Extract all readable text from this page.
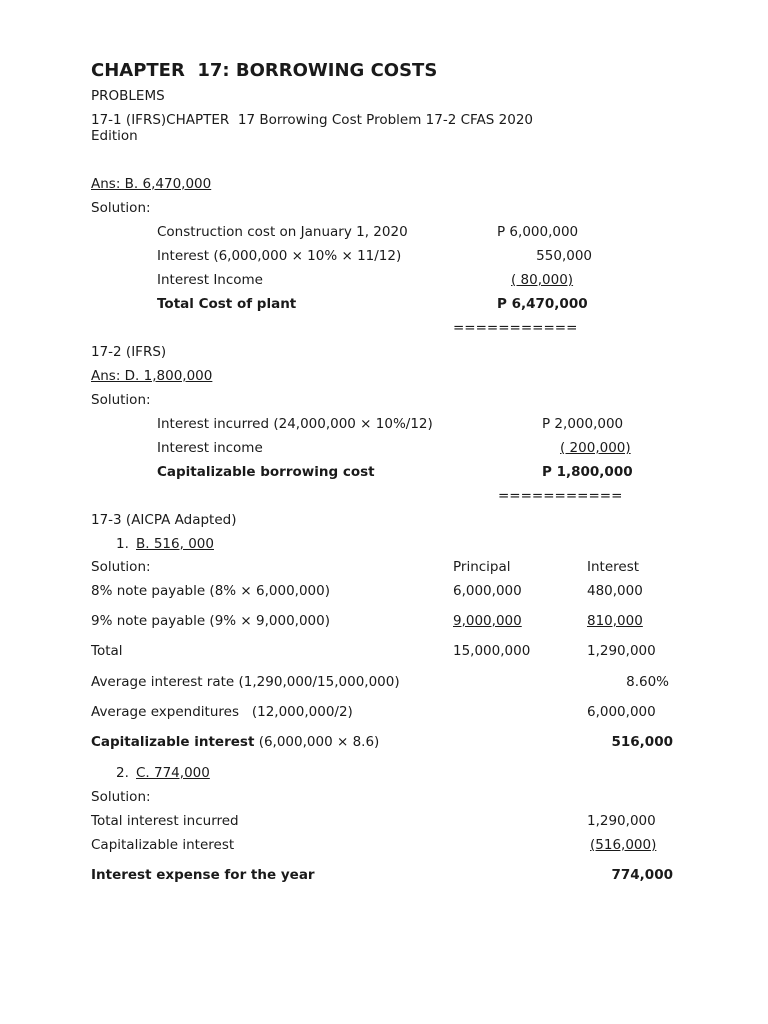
CHAPTER  17: BORROWING COSTS
PROBLEMS
17-1 (IFRS)CHAPTER  17 Borrowing Cost Problem 17-2 CFAS 2020
Edition
Ans: B. 6,470,000
Solution:
Construction cost on January 1, 2020	P 6,000,000
Interest (6,000,000 × 10% × 11/12)	550,000
Interest Income	( 80,000)
Total Cost of plant	P 6,470,000
===========
17-2 (IFRS)
Ans: D. 1,800,000
Solution:
Interest incurred (24,000,000 × 10%/12)	P 2,000,000
Interest income	( 200,000)
Capitalizable borrowing cost	P 1,800,000
===========
17-3 (AICPA Adapted)
1. B. 516, 000
Solution:	Principal	Interest
8% note payable (8% × 6,000,000)	6,000,000	480,000
9% note payable (9% × 9,000,000)	9,000,000	810,000
Total	15,000,000	1,290,000
Average interest rate (1,290,000/15,000,000)	8.60%
Average expenditures   (12,000,000/2)	6,000,000
Capitalizable interest (6,000,000 × 8.6)	516,000
2. C. 774,000
Solution:
Total interest incurred	1,290,000
Capitalizable interest	(516,000)
Interest expense for the year	774,000
